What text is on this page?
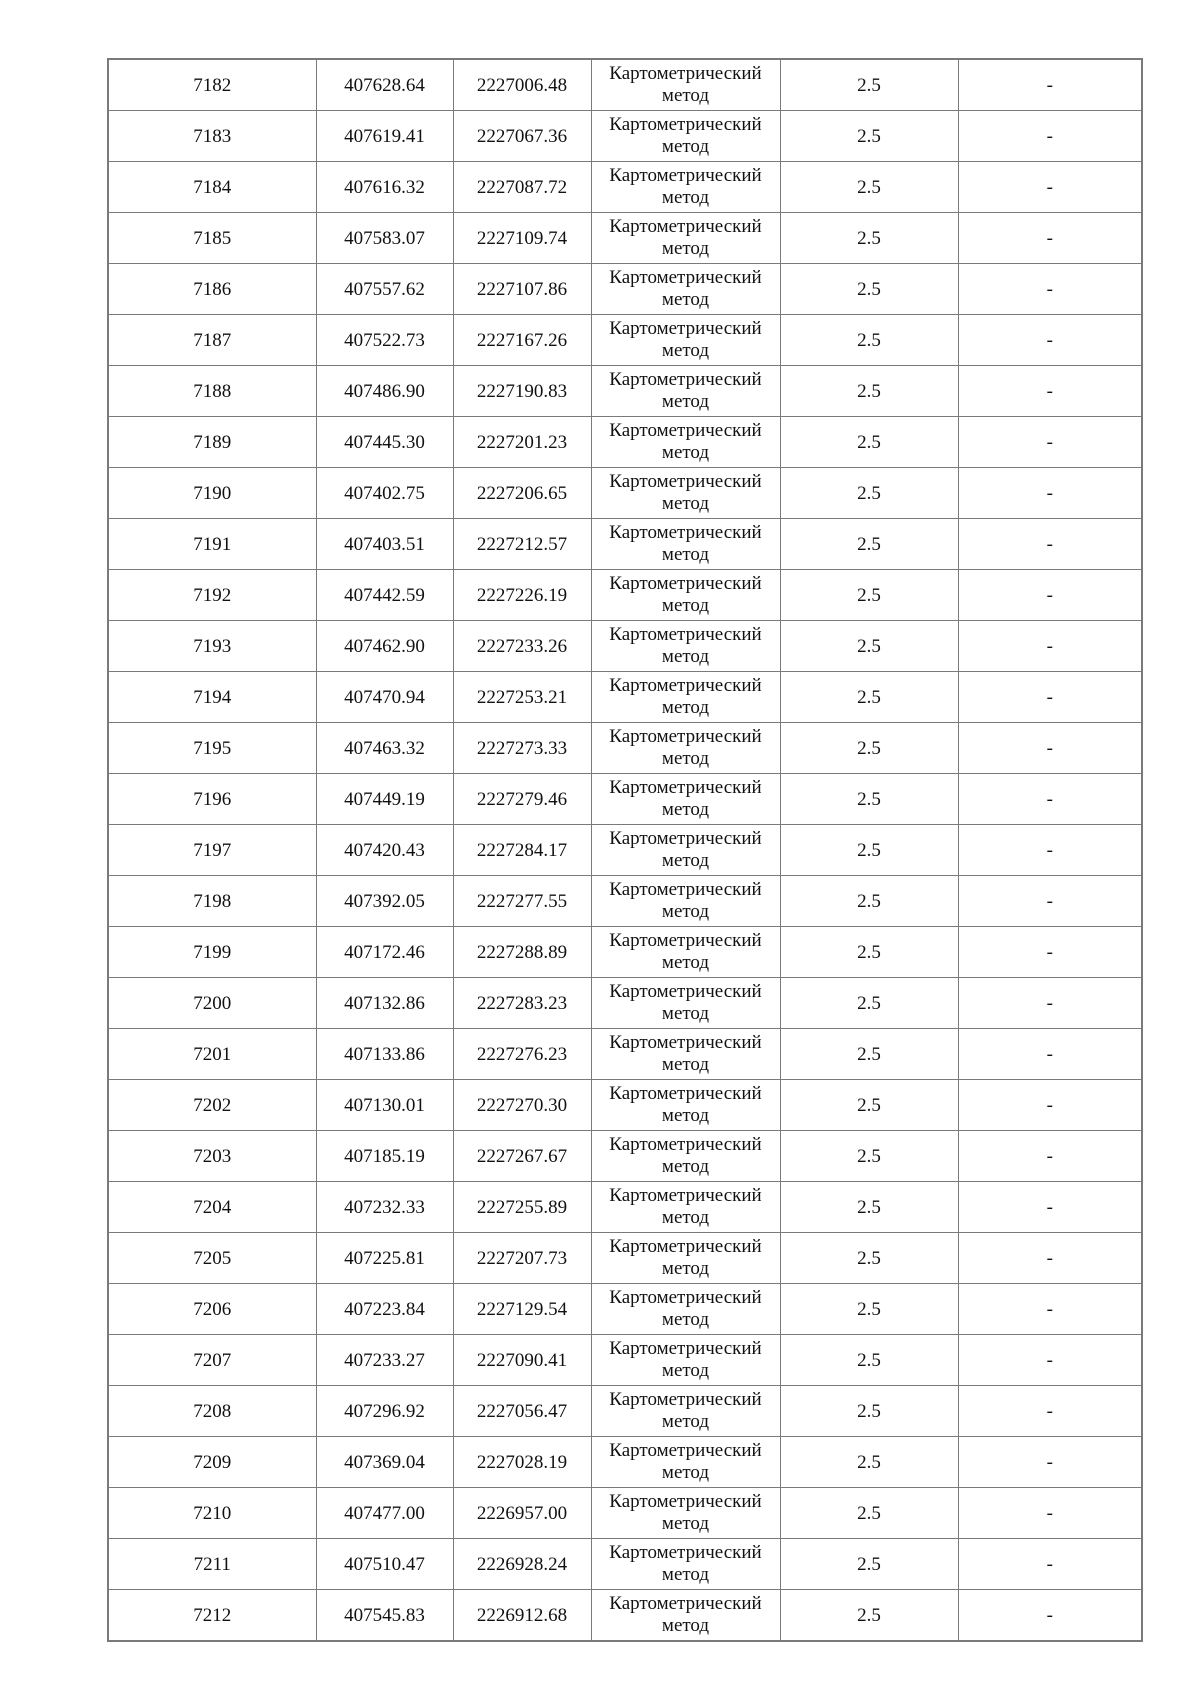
7182	407628.64	2227006.48	Картометрический
метод	2.5	-
7183	407619.41	2227067.36	Картометрический
метод	2.5	-
7184	407616.32	2227087.72	Картометрический
метод	2.5	-
7185	407583.07	2227109.74	Картометрический
метод	2.5	-
7186	407557.62	2227107.86	Картометрический
метод	2.5	-
7187	407522.73	2227167.26	Картометрический
метод	2.5	-
7188	407486.90	2227190.83	Картометрический
метод	2.5	-
7189	407445.30	2227201.23	Картометрический
метод	2.5	-
7190	407402.75	2227206.65	Картометрический
метод	2.5	-
7191	407403.51	2227212.57	Картометрический
метод	2.5	-
7192	407442.59	2227226.19	Картометрический
метод	2.5	-
7193	407462.90	2227233.26	Картометрический
метод	2.5	-
7194	407470.94	2227253.21	Картометрический
метод	2.5	-
7195	407463.32	2227273.33	Картометрический
метод	2.5	-
7196	407449.19	2227279.46	Картометрический
метод	2.5	-
7197	407420.43	2227284.17	Картометрический
метод	2.5	-
7198	407392.05	2227277.55	Картометрический
метод	2.5	-
7199	407172.46	2227288.89	Картометрический
метод	2.5	-
7200	407132.86	2227283.23	Картометрический
метод	2.5	-
7201	407133.86	2227276.23	Картометрический
метод	2.5	-
7202	407130.01	2227270.30	Картометрический
метод	2.5	-
7203	407185.19	2227267.67	Картометрический
метод	2.5	-
7204	407232.33	2227255.89	Картометрический
метод	2.5	-
7205	407225.81	2227207.73	Картометрический
метод	2.5	-
7206	407223.84	2227129.54	Картометрический
метод	2.5	-
7207	407233.27	2227090.41	Картометрический
метод	2.5	-
7208	407296.92	2227056.47	Картометрический
метод	2.5	-
7209	407369.04	2227028.19	Картометрический
метод	2.5	-
7210	407477.00	2226957.00	Картометрический
метод	2.5	-
7211	407510.47	2226928.24	Картометрический
метод	2.5	-
7212	407545.83	2226912.68	Картометрический
метод	2.5	-
